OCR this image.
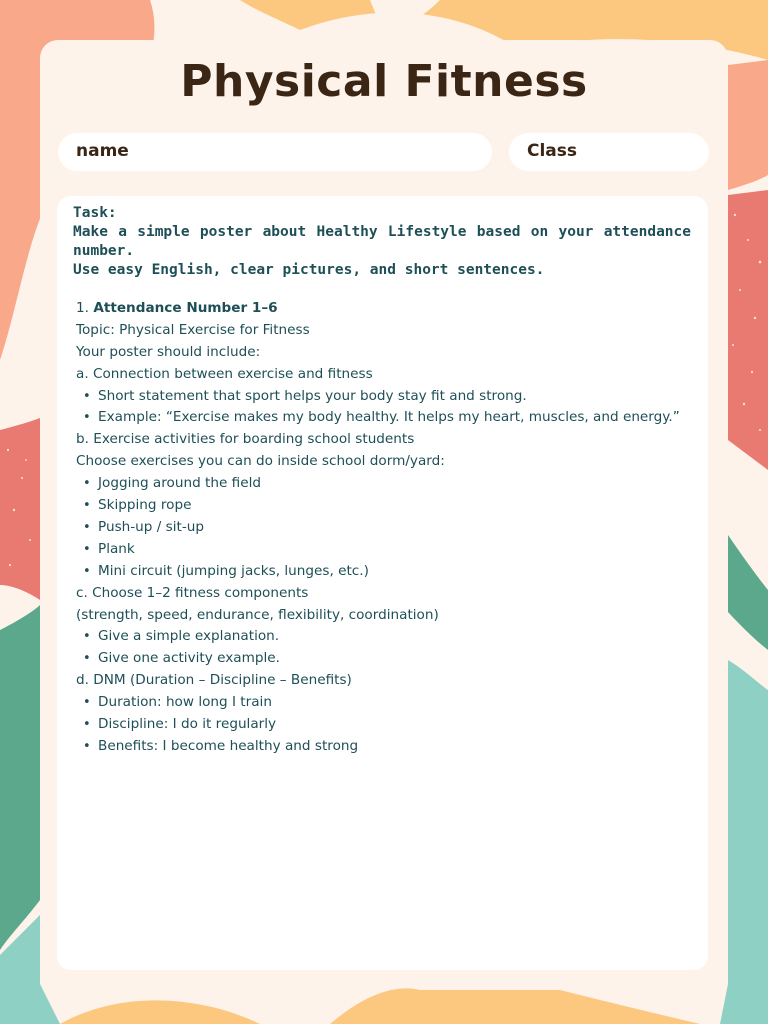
Physical Fitness
name	Class

Task:

Make a simple poster about Healthy Lifestyle based on your attendance number.

Use easy English, clear pictures, and short sentences.

1. Attendance Number 1–6
Topic: Physical Exercise for Fitness
Your poster should include:
a. Connection between exercise and fitness
• Short statement that sport helps your body stay fit and strong.
• Example: “Exercise makes my body healthy. It helps my heart, muscles, and energy.”
b. Exercise activities for boarding school students
Choose exercises you can do inside school dorm/yard:
• Jogging around the field
• Skipping rope
• Push-up / sit-up
• Plank
• Mini circuit (jumping jacks, lunges, etc.)
c. Choose 1–2 fitness components
(strength, speed, endurance, flexibility, coordination)
• Give a simple explanation.
• Give one activity example.
d. DNM (Duration – Discipline – Benefits)
• Duration: how long I train
• Discipline: I do it regularly
• Benefits: I become healthy and strong
